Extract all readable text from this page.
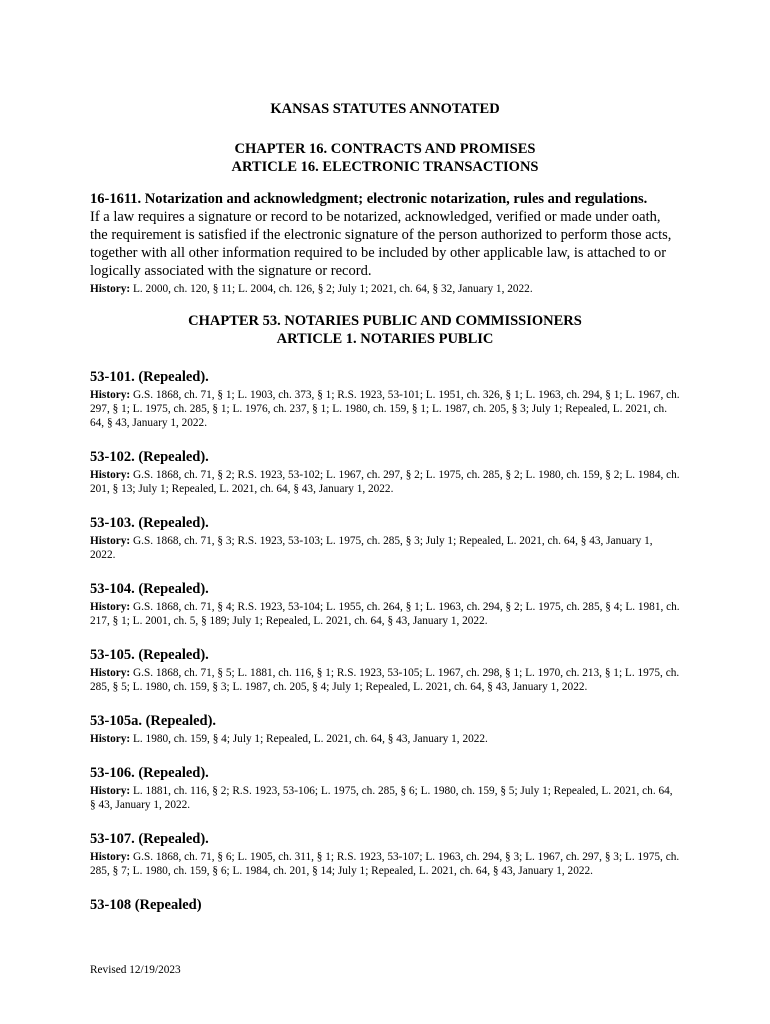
KANSAS STATUTES ANNOTATED
CHAPTER 16. CONTRACTS AND PROMISES
ARTICLE 16. ELECTRONIC TRANSACTIONS
16-1611. Notarization and acknowledgment; electronic notarization, rules and regulations.

If a law requires a signature or record to be notarized, acknowledged, verified or made under oath, the requirement is satisfied if the electronic signature of the person authorized to perform those acts, together with all other information required to be included by other applicable law, is attached to or logically associated with the signature or record.

History: L. 2000, ch. 120, § 11; L. 2004, ch. 126, § 2; July 1; 2021, ch. 64, § 32, January 1, 2022.

CHAPTER 53. NOTARIES PUBLIC AND COMMISSIONERS
ARTICLE 1. NOTARIES PUBLIC
53-101. (Repealed).

History: G.S. 1868, ch. 71, § 1; L. 1903, ch. 373, § 1; R.S. 1923, 53-101; L. 1951, ch. 326, § 1; L. 1963, ch. 294, § 1; L. 1967, ch. 297, § 1; L. 1975, ch. 285, § 1; L. 1976, ch. 237, § 1; L. 1980, ch. 159, § 1; L. 1987, ch. 205, § 3; July 1; Repealed, L. 2021, ch. 64, § 43, January 1, 2022.

53-102. (Repealed).

History: G.S. 1868, ch. 71, § 2; R.S. 1923, 53-102; L. 1967, ch. 297, § 2; L. 1975, ch. 285, § 2; L. 1980, ch. 159, § 2; L. 1984, ch. 201, § 13; July 1; Repealed, L. 2021, ch. 64, § 43, January 1, 2022.

53-103. (Repealed).

History: G.S. 1868, ch. 71, § 3; R.S. 1923, 53-103; L. 1975, ch. 285, § 3; July 1; Repealed, L. 2021, ch. 64, § 43, January 1, 2022.

53-104. (Repealed).

History: G.S. 1868, ch. 71, § 4; R.S. 1923, 53-104; L. 1955, ch. 264, § 1; L. 1963, ch. 294, § 2; L. 1975, ch. 285, § 4; L. 1981, ch. 217, § 1; L. 2001, ch. 5, § 189; July 1; Repealed, L. 2021, ch. 64, § 43, January 1, 2022.

53-105. (Repealed).

History: G.S. 1868, ch. 71, § 5; L. 1881, ch. 116, § 1; R.S. 1923, 53-105; L. 1967, ch. 298, § 1; L. 1970, ch. 213, § 1; L. 1975, ch. 285, § 5; L. 1980, ch. 159, § 3; L. 1987, ch. 205, § 4; July 1; Repealed, L. 2021, ch. 64, § 43, January 1, 2022.

53-105a. (Repealed).

History: L. 1980, ch. 159, § 4; July 1; Repealed, L. 2021, ch. 64, § 43, January 1, 2022.

53-106. (Repealed).

History: L. 1881, ch. 116, § 2; R.S. 1923, 53-106; L. 1975, ch. 285, § 6; L. 1980, ch. 159, § 5; July 1; Repealed, L. 2021, ch. 64, § 43, January 1, 2022.

53-107. (Repealed).

History: G.S. 1868, ch. 71, § 6; L. 1905, ch. 311, § 1; R.S. 1923, 53-107; L. 1963, ch. 294, § 3; L. 1967, ch. 297, § 3; L. 1975, ch. 285, § 7; L. 1980, ch. 159, § 6; L. 1984, ch. 201, § 14; July 1; Repealed, L. 2021, ch. 64, § 43, January 1, 2022.

53-108 (Repealed)
Revised 12/19/2023
